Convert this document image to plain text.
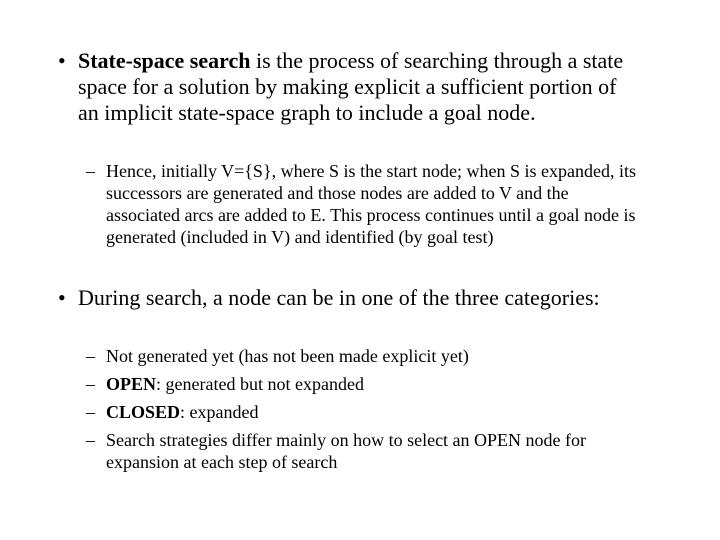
• State-space search is the process of searching through a state space for a solution by making explicit a sufficient portion of an implicit state-space graph to include a goal node.
– Hence, initially V={S}, where S is the start node; when S is expanded, its successors are generated and those nodes are added to V and the associated arcs are added to E. This process continues until a goal node is generated (included in V) and identified (by goal test)
• During search, a node can be in one of the three categories:
– Not generated yet (has not been made explicit yet)
– OPEN: generated but not expanded
– CLOSED: expanded
– Search strategies differ mainly on how to select an OPEN node for expansion at each step of search
